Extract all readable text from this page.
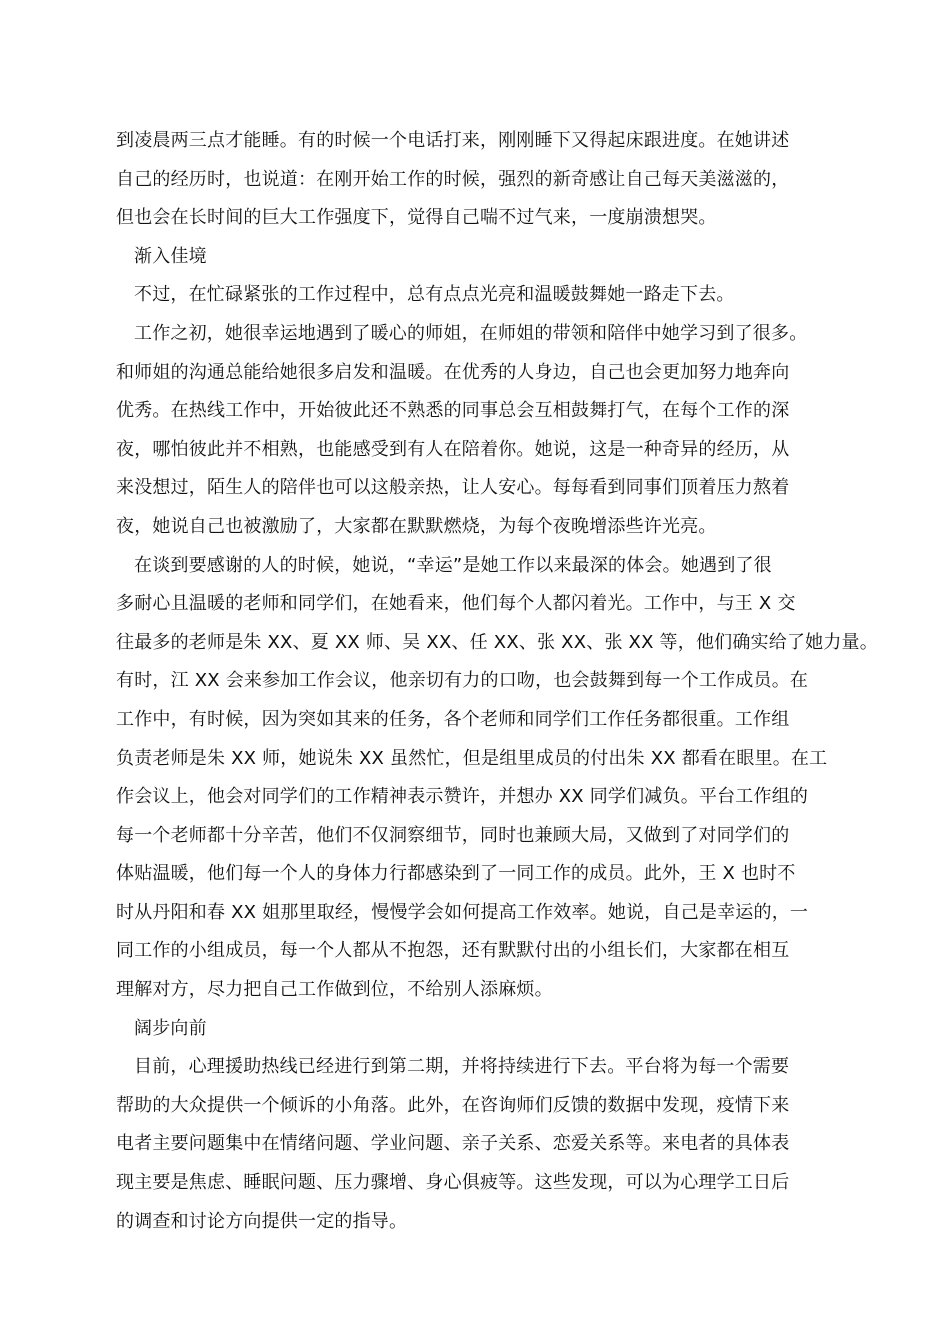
到凌晨两三点才能睡。有的时候一个电话打来，刚刚睡下又得起床跟进度。在她讲述
自己的经历时，也说道：在刚开始工作的时候，强烈的新奇感让自己每天美滋滋的，
但也会在长时间的巨大工作强度下，觉得自己喘不过气来，一度崩溃想哭。
渐入佳境
不过，在忙碌紧张的工作过程中，总有点点光亮和温暖鼓舞她一路走下去。
工作之初，她很幸运地遇到了暖心的师姐，在师姐的带领和陪伴中她学习到了很多。
和师姐的沟通总能给她很多启发和温暖。在优秀的人身边，自己也会更加努力地奔向
优秀。在热线工作中，开始彼此还不熟悉的同事总会互相鼓舞打气，在每个工作的深
夜，哪怕彼此并不相熟，也能感受到有人在陪着你。她说，这是一种奇异的经历，从
来没想过，陌生人的陪伴也可以这般亲热，让人安心。每每看到同事们顶着压力熬着
夜，她说自己也被激励了，大家都在默默燃烧，为每个夜晚增添些许光亮。
在谈到要感谢的人的时候，她说，“幸运”是她工作以来最深的体会。她遇到了很
多耐心且温暖的老师和同学们，在她看来，他们每个人都闪着光。工作中，与王 X 交
往最多的老师是朱 XX、夏 XX 师、吴 XX、任 XX、张 XX、张 XX 等，他们确实给了她力量。
有时，江 XX 会来参加工作会议，他亲切有力的口吻，也会鼓舞到每一个工作成员。在
工作中，有时候，因为突如其来的任务，各个老师和同学们工作任务都很重。工作组
负责老师是朱 XX 师，她说朱 XX 虽然忙，但是组里成员的付出朱 XX 都看在眼里。在工
作会议上，他会对同学们的工作精神表示赞许，并想办 XX 同学们减负。平台工作组的
每一个老师都十分辛苦，他们不仅洞察细节，同时也兼顾大局，又做到了对同学们的
体贴温暖，他们每一个人的身体力行都感染到了一同工作的成员。此外，王 X 也时不
时从丹阳和春 XX 姐那里取经，慢慢学会如何提高工作效率。她说，自己是幸运的，一
同工作的小组成员，每一个人都从不抱怨，还有默默付出的小组长们，大家都在相互
理解对方，尽力把自己工作做到位，不给别人添麻烦。
阔步向前
目前，心理援助热线已经进行到第二期，并将持续进行下去。平台将为每一个需要
帮助的大众提供一个倾诉的小角落。此外，在咨询师们反馈的数据中发现，疫情下来
电者主要问题集中在情绪问题、学业问题、亲子关系、恋爱关系等。来电者的具体表
现主要是焦虑、睡眠问题、压力骤增、身心俱疲等。这些发现，可以为心理学工日后
的调查和讨论方向提供一定的指导。
